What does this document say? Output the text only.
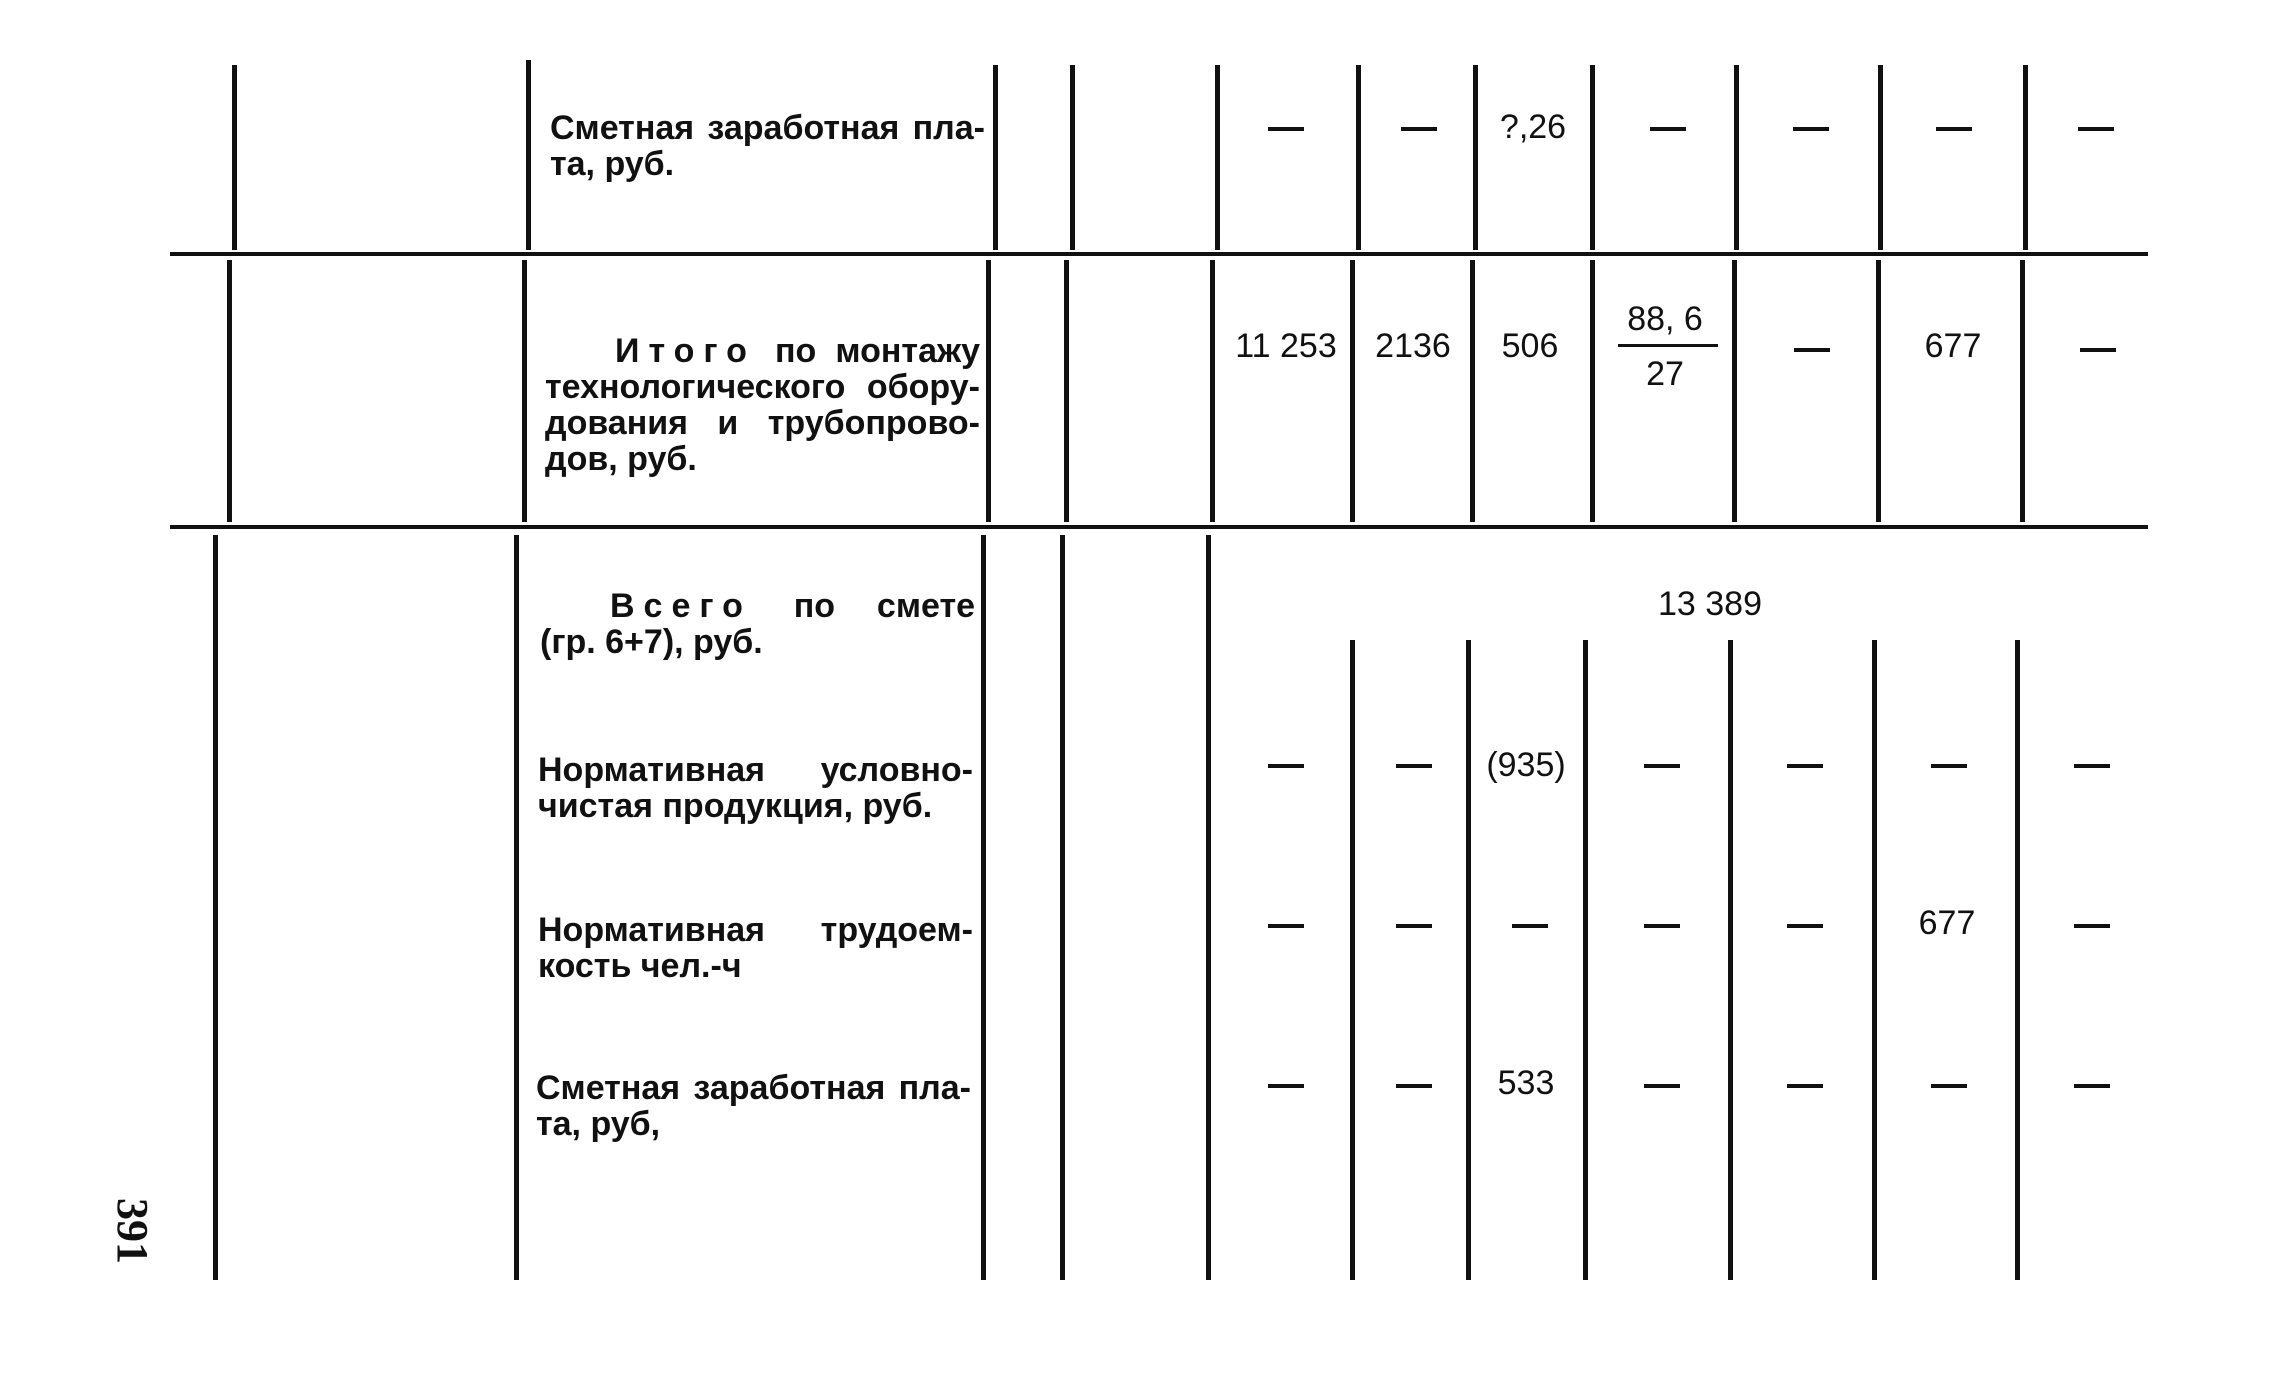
391
Сметная заработная пла- та, руб.
?,26
Итого по монтажу технологического обору- дования и трубопрово- дов, руб.
11 253	2136	506
88, 6
27
677
Всего по смете (гр. 6+7), руб.
13 389
Нормативная условно- чистая продукция, руб.
(935)
Нормативная трудоем- кость чел.-ч
677
Сметная заработная пла- та, руб,
533
